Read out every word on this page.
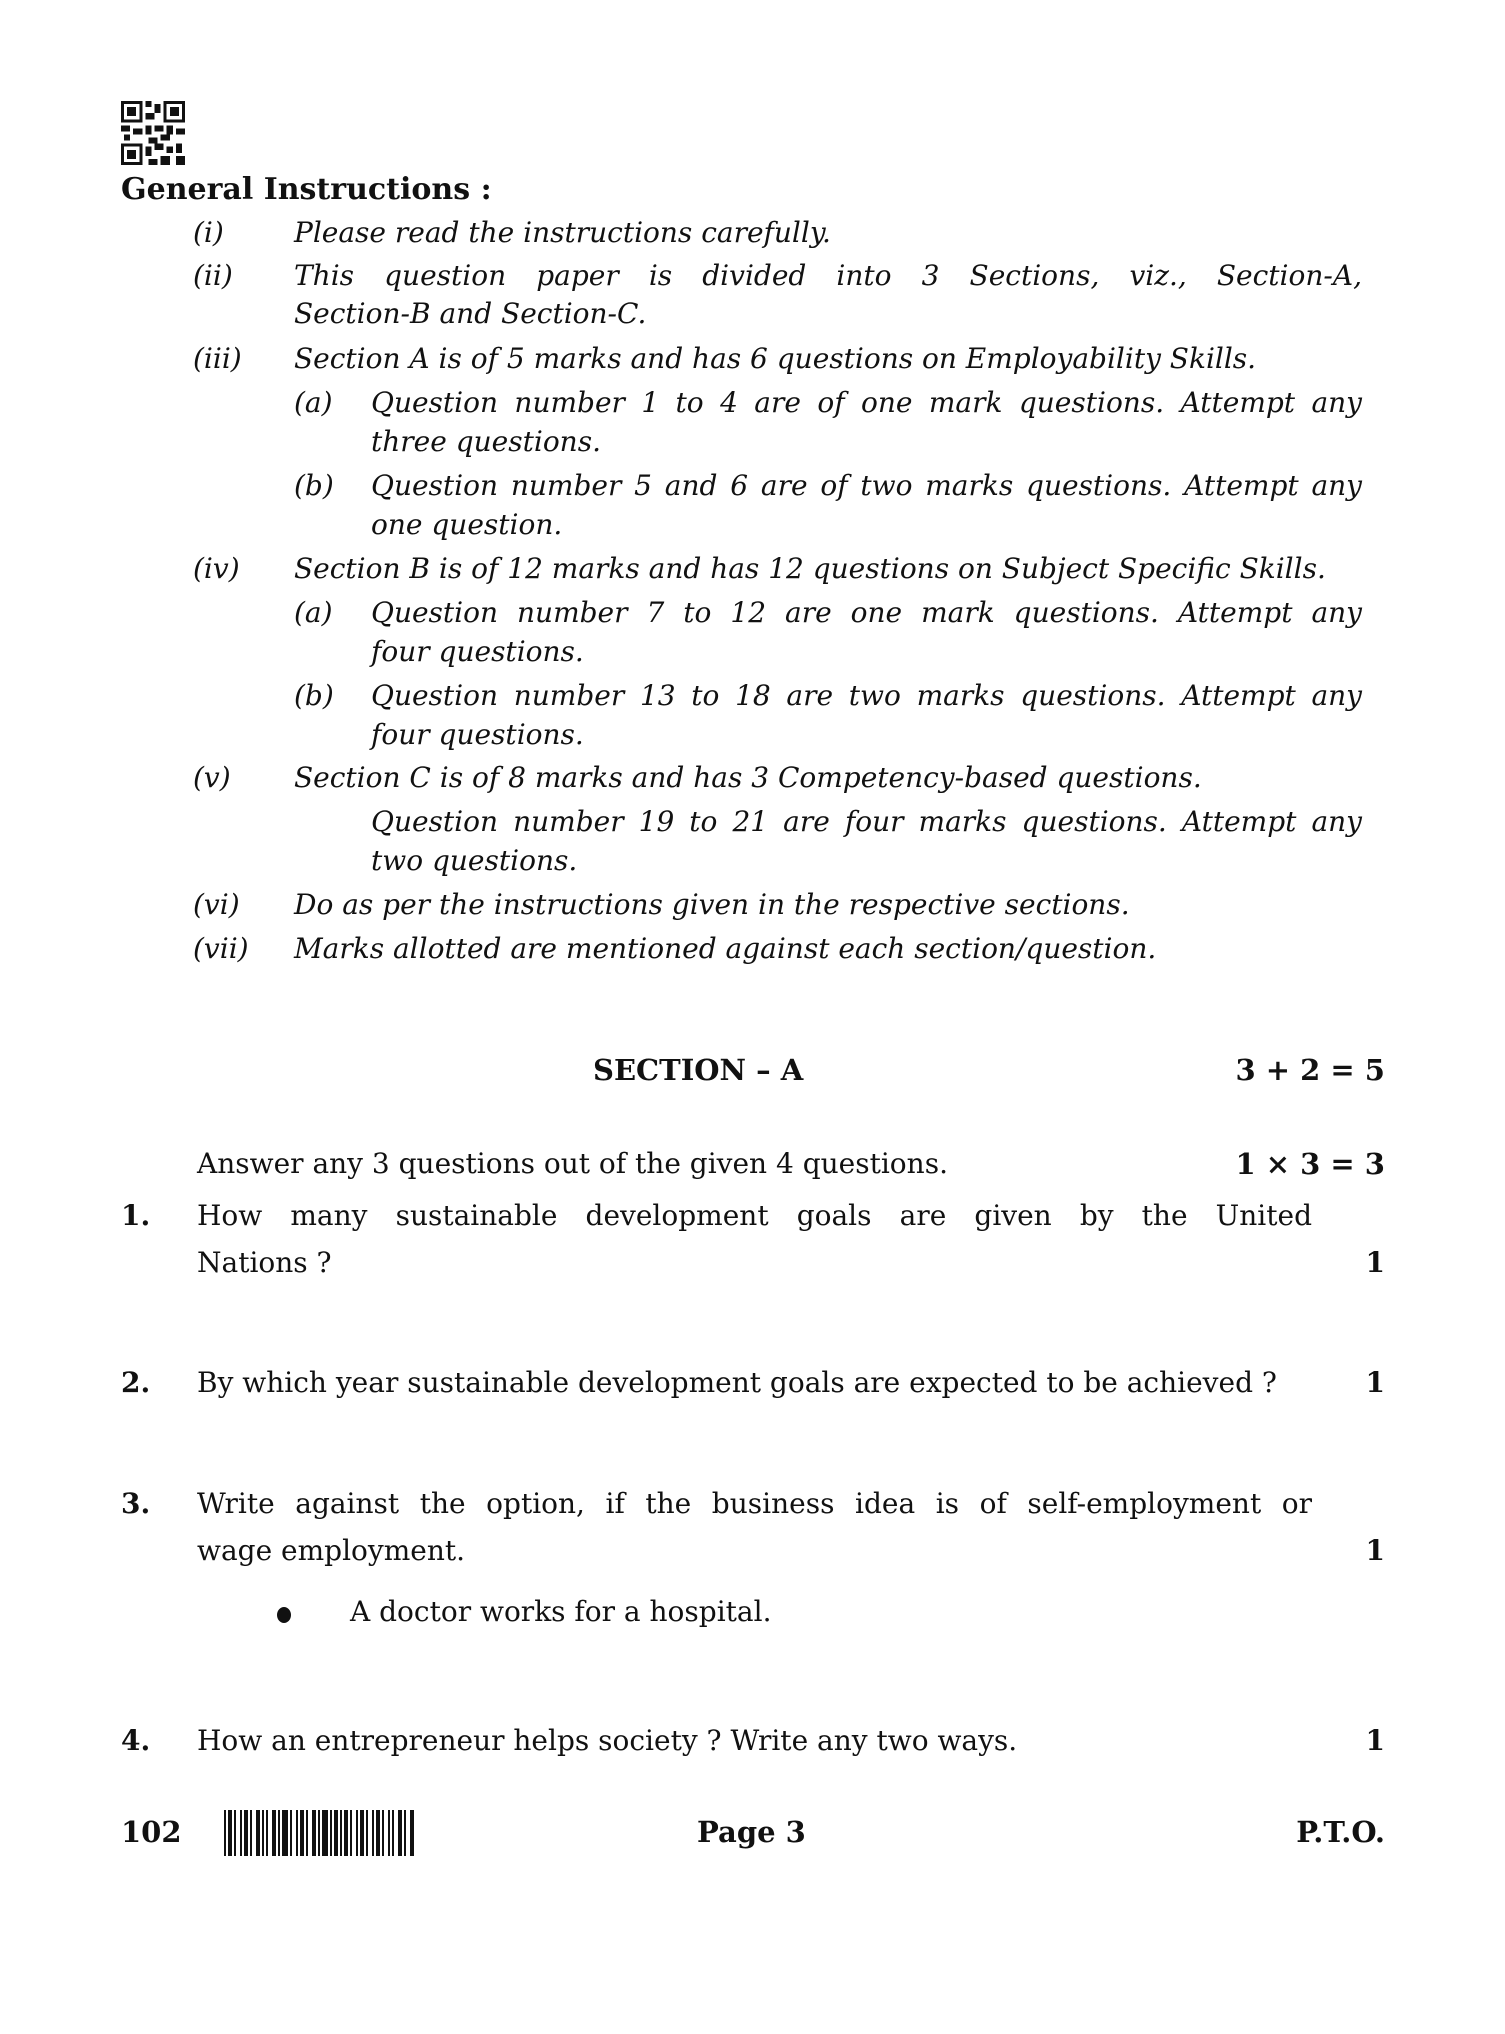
General Instructions :
(i)	Please read the instructions carefully.
(ii) This question paper is divided into 3 Sections, viz., Section-A,
Section-B and Section-C.
(iii) Section A is of 5 marks and has 6 questions on Employability Skills.
(a) Question number 1 to 4 are of one mark questions. Attempt any
three questions.
(b) Question number 5 and 6 are of two marks questions. Attempt any
one question.
(iv) Section B is of 12 marks and has 12 questions on Subject Specific Skills.
(a) Question number 7 to 12 are one mark questions. Attempt any
four questions.
(b) Question number 13 to 18 are two marks questions. Attempt any
four questions.
(v) Section C is of 8 marks and has 3 Competency-based questions.
Question number 19 to 21 are four marks questions. Attempt any
two questions.
(vi) Do as per the instructions given in the respective sections.
(vii) Marks allotted are mentioned against each section/question.
SECTION – A	3 + 2 = 5
Answer any 3 questions out of the given 4 questions.	1 × 3 = 3
1. How many sustainable development goals are given by the United
Nations ?	1
2. By which year sustainable development goals are expected to be achieved ?	1
3. Write against the option, if the business idea is of self-employment or
wage employment.	1
A doctor works for a hospital.
4. How an entrepreneur helps society ? Write any two ways.	1
102	Page 3	P.T.O.
